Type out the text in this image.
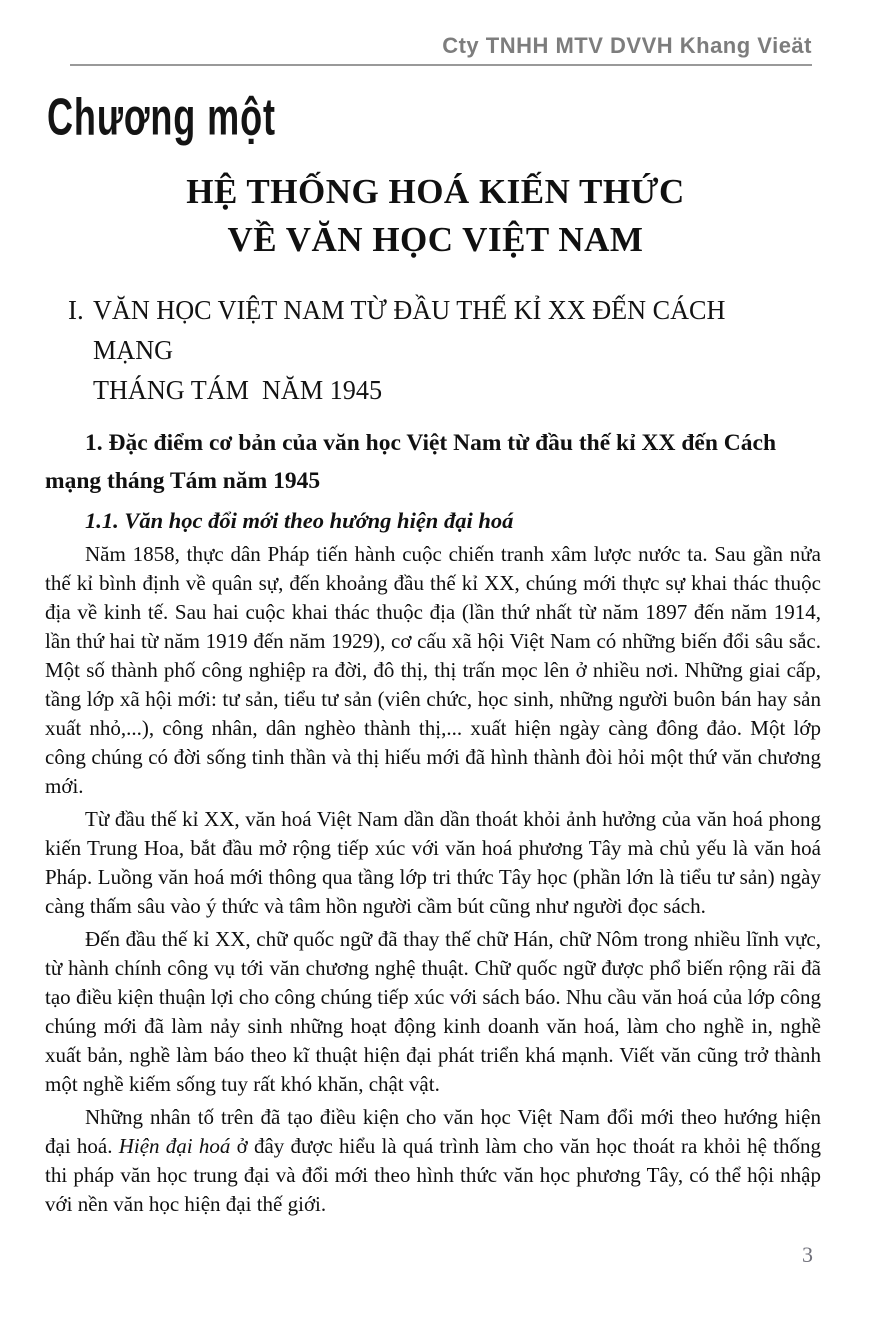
Cty TNHH MTV DVVH Khang Vieät
Chương một
HỆ THỐNG HOÁ KIẾN THỨC
VỀ VĂN HỌC VIỆT NAM
I. VĂN HỌC VIỆT NAM TỪ ĐẦU THẾ KỈ XX ĐẾN CÁCH MẠNG
THÁNG TÁM  NĂM 1945
1. Đặc điểm cơ bản của văn học Việt Nam từ đầu thế kỉ XX đến Cách mạng tháng Tám năm 1945
1.1. Văn học đổi mới theo hướng hiện đại hoá

Năm 1858, thực dân Pháp tiến hành cuộc chiến tranh xâm lược nước ta. Sau gần nửa thế kỉ bình định về quân sự, đến khoảng đầu thế kỉ XX, chúng mới thực sự khai thác thuộc địa về kinh tế. Sau hai cuộc khai thác thuộc địa (lần thứ nhất từ năm 1897 đến năm 1914, lần thứ hai từ năm 1919 đến năm 1929), cơ cấu xã hội Việt Nam có những biến đổi sâu sắc. Một số thành phố công nghiệp ra đời, đô thị, thị trấn mọc lên ở nhiều nơi. Những giai cấp, tầng lớp xã hội mới: tư sản, tiểu tư sản (viên chức, học sinh, những người buôn bán hay sản xuất nhỏ,...), công nhân, dân nghèo thành thị,... xuất hiện ngày càng đông đảo. Một lớp công chúng có đời sống tinh thần và thị hiếu mới đã hình thành đòi hỏi một thứ văn chương mới.

Từ đầu thế kỉ XX, văn hoá Việt Nam dần dần thoát khỏi ảnh hưởng của văn hoá phong kiến Trung Hoa, bắt đầu mở rộng tiếp xúc với văn hoá phương Tây mà chủ yếu là văn hoá Pháp. Luồng văn hoá mới thông qua tầng lớp tri thức Tây học (phần lớn là tiểu tư sản) ngày càng thấm sâu vào ý thức và tâm hồn người cầm bút cũng như người đọc sách.

Đến đầu thế kỉ XX, chữ quốc ngữ đã thay thế chữ Hán, chữ Nôm trong nhiều lĩnh vực, từ hành chính công vụ tới văn chương nghệ thuật. Chữ quốc ngữ được phổ biến rộng rãi đã tạo điều kiện thuận lợi cho công chúng tiếp xúc với sách báo. Nhu cầu văn hoá của lớp công chúng mới đã làm nảy sinh những hoạt động kinh doanh văn hoá, làm cho nghề in, nghề xuất bản, nghề làm báo theo kĩ thuật hiện đại phát triển khá mạnh. Viết văn cũng trở thành một nghề kiếm sống tuy rất khó khăn, chật vật.

Những nhân tố trên đã tạo điều kiện cho văn học Việt Nam đổi mới theo hướng hiện đại hoá. Hiện đại hoá ở đây được hiểu là quá trình làm cho văn học thoát ra khỏi hệ thống thi pháp văn học trung đại và đổi mới theo hình thức văn học phương Tây, có thể hội nhập với nền văn học hiện đại thế giới.

3
